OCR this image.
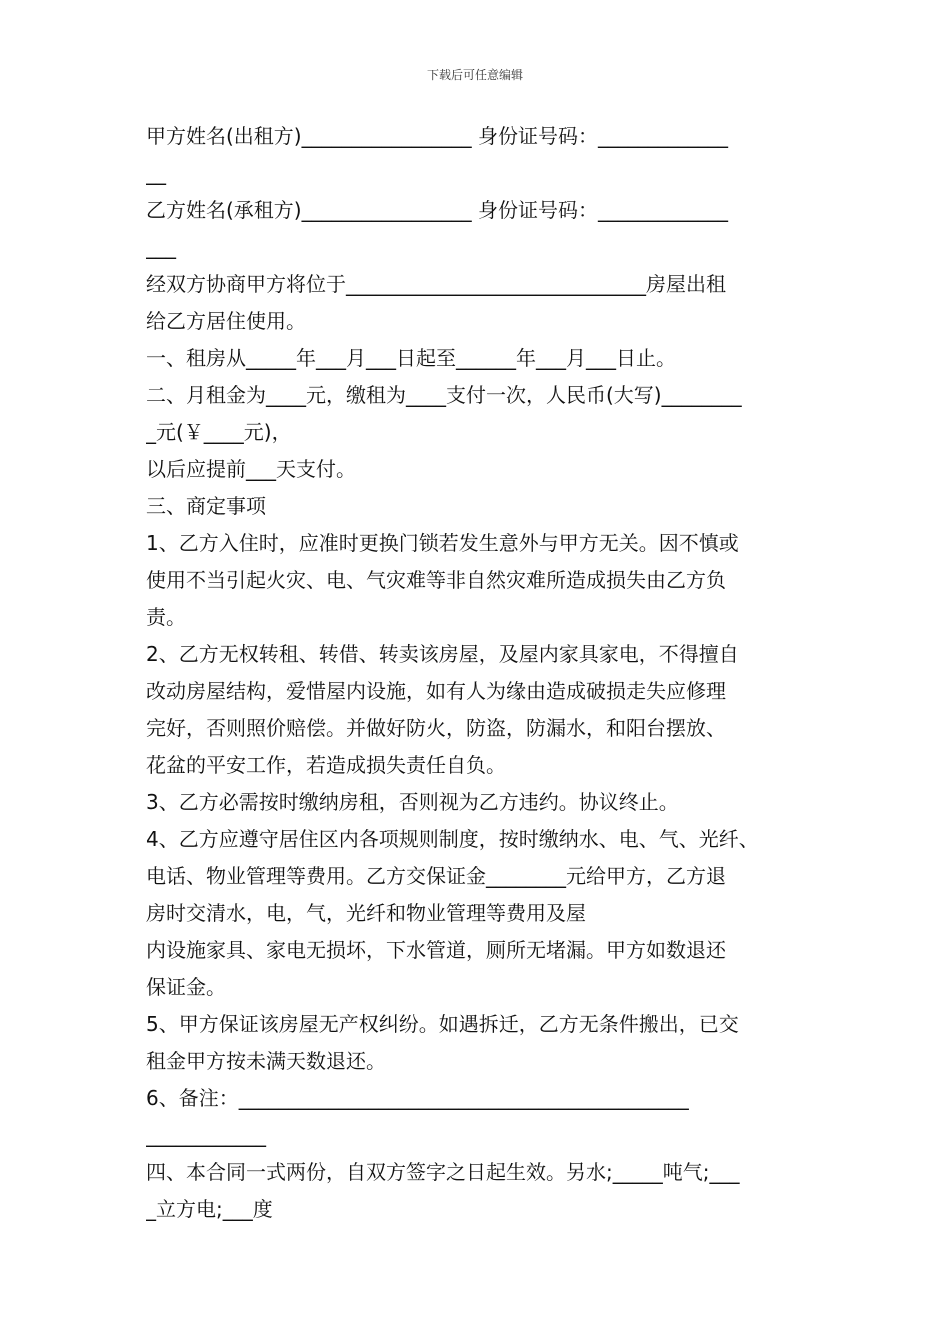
下载后可任意编辑
甲方姓名(出租方)_________________ 身份证号码：_____________
__
乙方姓名(承租方)_________________ 身份证号码：_____________
___
经双方协商甲方将位于______________________________房屋出租
给乙方居住使用。
一、租房从_____年___月___日起至______年___月___日止。
二、月租金为____元，缴租为____支付一次，人民币(大写)________
_元(￥____元)，
以后应提前___天支付。
三、商定事项
1、乙方入住时，应准时更换门锁若发生意外与甲方无关。因不慎或
使用不当引起火灾、电、气灾难等非自然灾难所造成损失由乙方负
责。
2、乙方无权转租、转借、转卖该房屋，及屋内家具家电，不得擅自
改动房屋结构，爱惜屋内设施，如有人为缘由造成破损走失应修理
完好，否则照价赔偿。并做好防火，防盗，防漏水，和阳台摆放、
花盆的平安工作，若造成损失责任自负。
3、乙方必需按时缴纳房租，否则视为乙方违约。协议终止。
4、乙方应遵守居住区内各项规则制度，按时缴纳水、电、气、光纤、
电话、物业管理等费用。乙方交保证金________元给甲方，乙方退
房时交清水，电，气，光纤和物业管理等费用及屋
内设施家具、家电无损坏，下水管道，厕所无堵漏。甲方如数退还
保证金。
5、甲方保证该房屋无产权纠纷。如遇拆迁，乙方无条件搬出，已交
租金甲方按未满天数退还。
6、备注：_____________________________________________
____________
四、本合同一式两份，自双方签字之日起生效。另水;_____吨气;___
_立方电;___度
